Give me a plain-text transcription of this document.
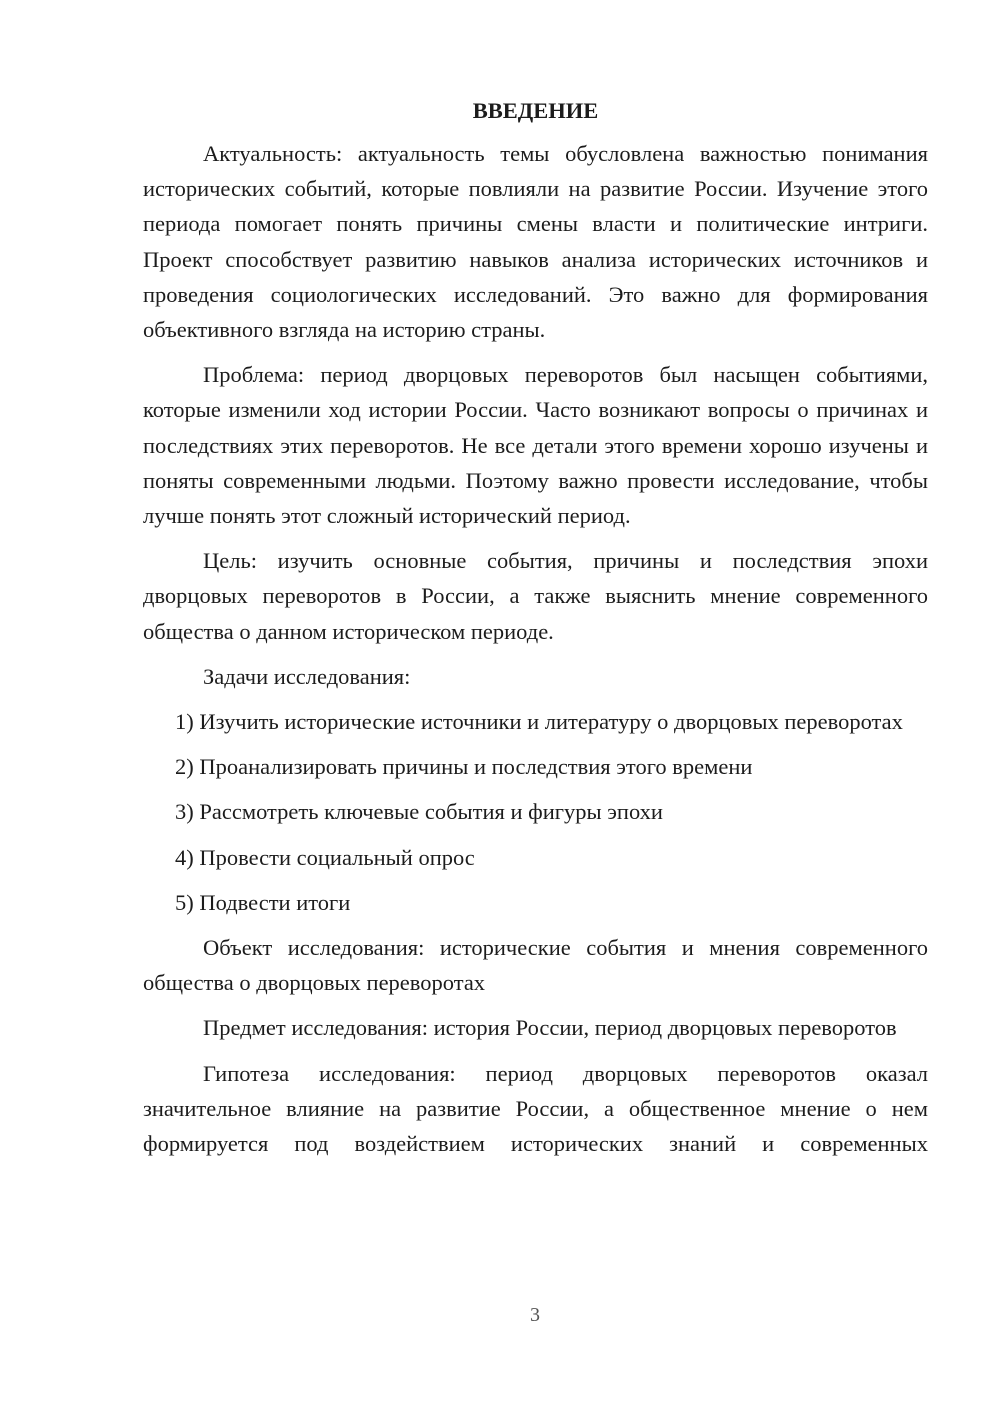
ВВЕДЕНИЕ

Актуальность: актуальность темы обусловлена важностью понимания исторических событий, которые повлияли на развитие России. Изучение этого периода помогает понять причины смены власти и политические интриги. Проект способствует развитию навыков анализа исторических источников и проведения социологических исследований. Это важно для формирования объективного взгляда на историю страны.

Проблема: период дворцовых переворотов был насыщен событиями, которые изменили ход истории России. Часто возникают вопросы о причинах и последствиях этих переворотов. Не все детали этого времени хорошо изучены и поняты современными людьми. Поэтому важно провести исследование, чтобы лучше понять этот сложный исторический период.

Цель: изучить основные события, причины и последствия эпохи дворцовых переворотов в России, а также выяснить мнение современного общества о данном историческом периоде.

Задачи исследования:

1) Изучить исторические источники и литературу о дворцовых переворотах

2) Проанализировать причины и последствия этого времени

3) Рассмотреть ключевые события и фигуры эпохи

4) Провести социальный опрос

5) Подвести итоги

Объект исследования: исторические события и мнения современного общества о дворцовых переворотах

Предмет исследования: история России, период дворцовых переворотов

Гипотеза исследования: период дворцовых переворотов оказал значительное влияние на развитие России, а общественное мнение о нем формируется под воздействием исторических знаний и современных

3
